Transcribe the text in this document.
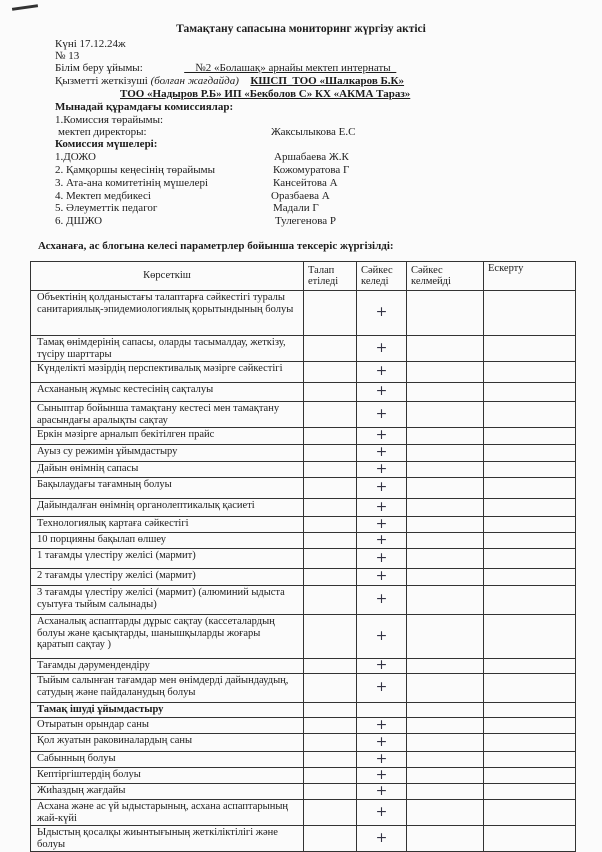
Тамақтану сапасына мониторинг жүргізу актісі
Күні 17.12.24ж
№ 13
Білім беру ұйымы:	__№2 «Болашақ» арнайы мектеп интернаты_
Қызметті жеткізуші (болған жағдайда) КШСП_ТОО «Шалкаров Б.К»
ТОО «Надыров Р.Б» ИП «Бекболов С» КХ «АКМА Тараз»
Мынадай құрамдағы комиссиялар:
1.Комиссия төрайымы:
мектеп директоры:	Жаксылыкова Е.С
Комиссия мүшелері:
1.ДОЖО	Аршабаева Ж.К
2. Қамқоршы кеңесінің төрайымы	Кожомуратова Г
3. Ата-ана комитетінің мүшелері	Кансейтова А
4. Мектеп медбикесі	Оразбаева А
5. Әлеуметтік педагог	Мадали Г
6. ДШЖО	Тулегенова Р
Асханаға, ас блогына келесі параметрлер бойынша тексеріс жүргізілді:
Көрсеткіш	Талап етіледі	Сәйкес келеді	Сәйкес келмейді	Ескерту
Объектінің қолданыстағы талаптарға сәйкестігі туралы санитариялық-эпидемиологиялық қорытындының болуы		+		
Тамақ өнімдерінің сапасы, оларды тасымалдау, жеткізу, түсіру шарттары		+		
Күнделікті мәзірдің перспективалық мәзірге сәйкестігі		+		
Асхананың жұмыс кестесінің сақталуы		+		
Сыныптар бойынша тамақтану кестесі мен тамақтану арасындағы аралықты сақтау		+		
Еркін мәзірге арналып бекітілген прайс		+		
Ауыз су режимін ұйымдастыру		+		
Дайын өнімнің сапасы		+		
Бақылаудағы тағамның болуы		+		
Дайындалған өнімнің органолептикалық қасиеті		+		
Технологиялық картаға сәйкестігі		+		
10 порцияны бақылап өлшеу		+		
1 тағамды үлестіру желісі (мармит)		+		
2 тағамды үлестіру желісі (мармит)		+		
3 тағамды үлестіру желісі (мармит) (алюминий ыдыста суытуға тыйым салынады)		+		
Асханалық аспаптарды дұрыс сақтау (кассеталардың болуы және қасықтарды, шанышқыларды жоғары қаратып сақтау )		+		
Тағамды дәрумендендіру		+		
Тыйым салынған тағамдар мен өнімдерді дайындаудың, сатудың және пайдаланудың болуы		+		
Тамақ ішуді ұйымдастыру				
Отыратын орындар саны		+		
Қол жуатын раковиналардың саны		+		
Сабынның болуы		+		
Кептіргіштердің болуы		+		
Жиһаздың жағдайы		+		
Асхана және ас үй ыдыстарының, асхана аспаптарының жай-күйі		+		
Ыдыстың қосалқы жиынтығының жеткіліктілігі және болуы		+		
